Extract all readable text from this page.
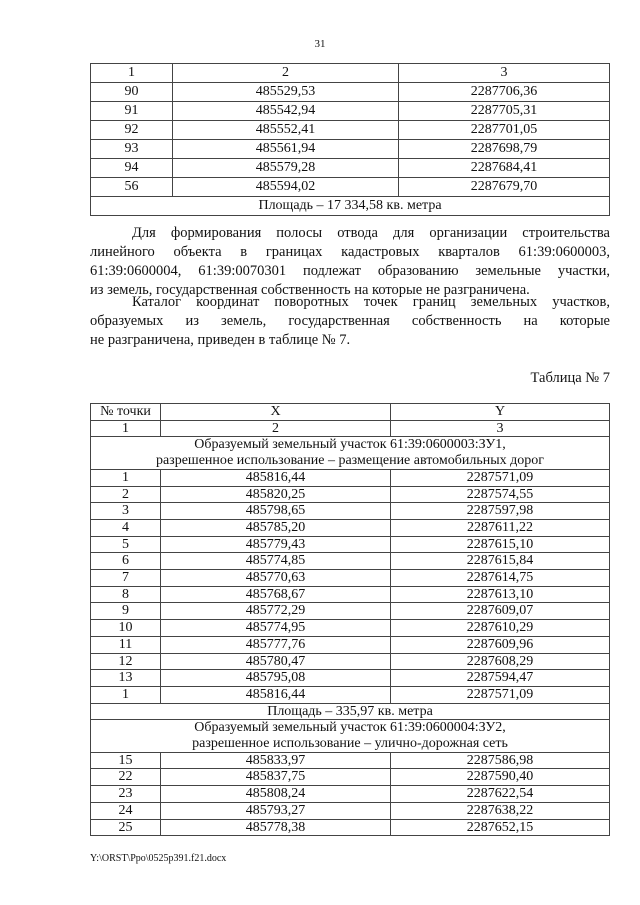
31
1	2	3
90	485529,53	2287706,36
91	485542,94	2287705,31
92	485552,41	2287701,05
93	485561,94	2287698,79
94	485579,28	2287684,41
56	485594,02	2287679,70

Площадь – 17 334,58 кв. метра		
Для формирования полосы отвода для организации строительства
линейного объекта в границах кадастровых кварталов 61:39:0600003,
61:39:0600004, 61:39:0070301 подлежат образованию земельные участки,
из земель, государственная собственность на которые не разграничена.
Каталог координат поворотных точек границ земельных участков,
образуемых из земель, государственная собственность на которые
не разграничена, приведен в таблице № 7.
Таблица № 7
№ точки	X	Y
1	2	3

Образуемый земельный участок 61:39:0600003:ЗУ1,
разрешенное использование – размещение автомобильных дорог		

1	485816,44	2287571,09
2	485820,25	2287574,55
3	485798,65	2287597,98
4	485785,20	2287611,22
5	485779,43	2287615,10
6	485774,85	2287615,84
7	485770,63	2287614,75
8	485768,67	2287613,10
9	485772,29	2287609,07
10	485774,95	2287610,29
11	485777,76	2287609,96
12	485780,47	2287608,29
13	485795,08	2287594,47
1	485816,44	2287571,09

Площадь – 335,97 кв. метра		

Образуемый земельный участок 61:39:0600004:ЗУ2,
разрешенное использование – улично-дорожная сеть		

15	485833,97	2287586,98
22	485837,75	2287590,40
23	485808,24	2287622,54
24	485793,27	2287638,22
25	485778,38	2287652,15
Y:\ORST\Ppo\0525p391.f21.docx
